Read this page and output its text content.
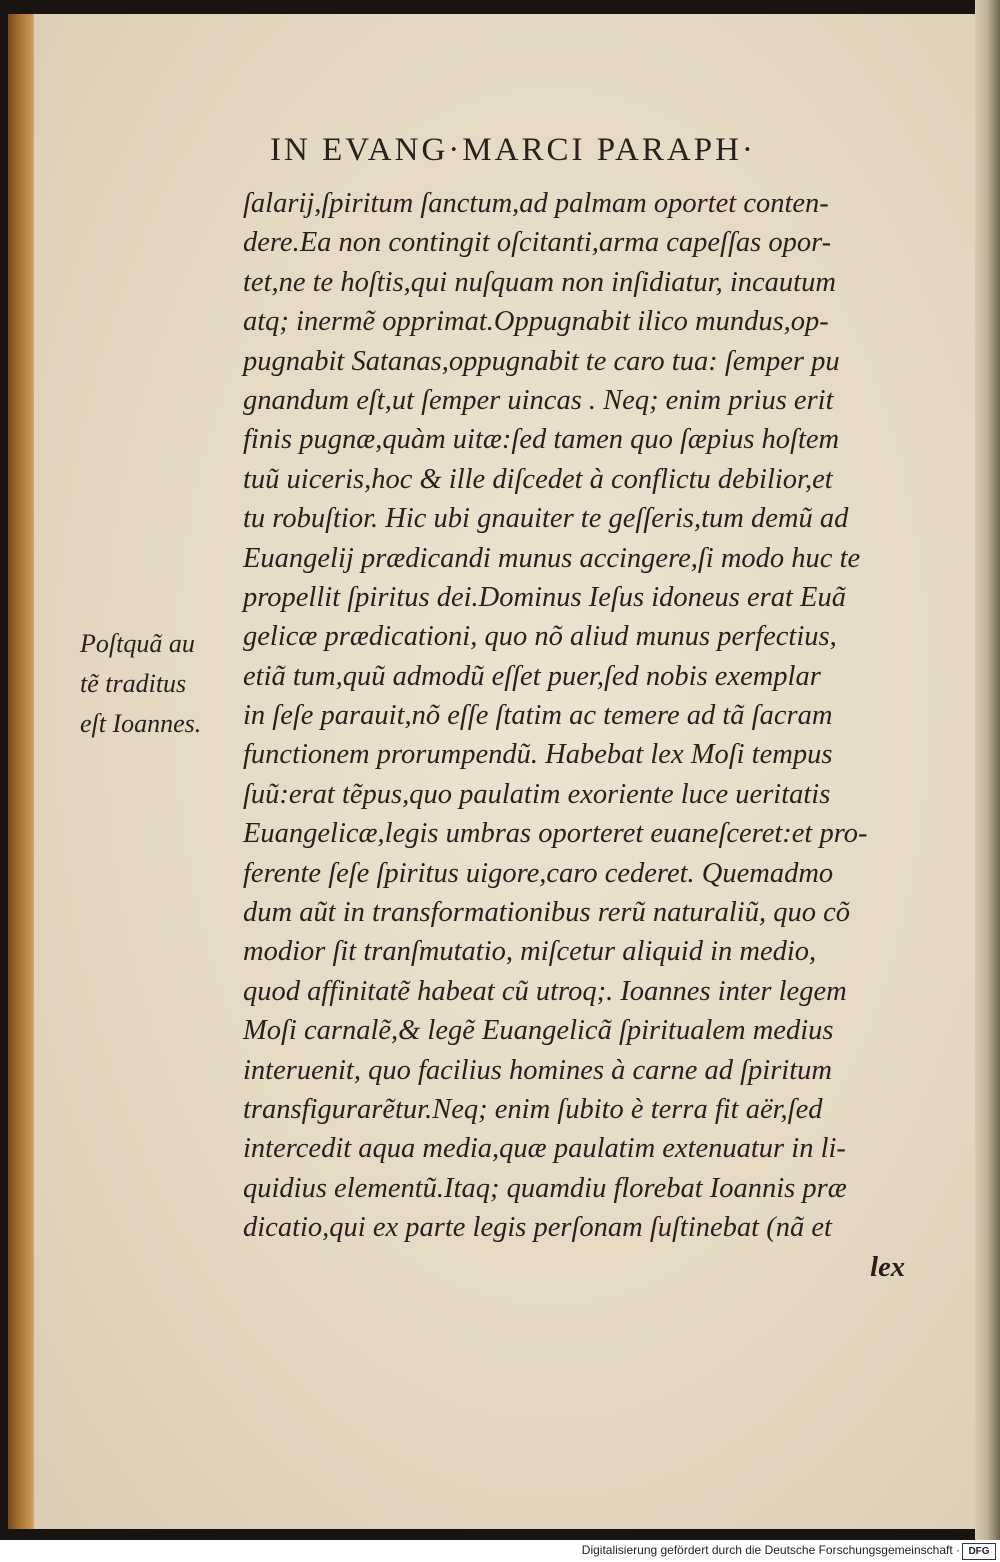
IN EVANG·MARCI PARAPH·
ſalarij,ſpiritum ſanctum,ad palmam oportet conten-
dere.Ea non contingit oſcitanti,arma capeſſas opor-
tet,ne te hoſtis,qui nuſquam non inſidiatur, incautum
atq; inermẽ opprimat.Oppugnabit ilico mundus,op-
pugnabit Satanas,oppugnabit te caro tua: ſemper pu
gnandum eſt,ut ſemper uincas . Neq; enim prius erit
finis pugnæ,quàm uitæ:ſed tamen quo ſæpius hoſtem
tuũ uiceris,hoc & ille diſcedet à conflictu debilior,et
tu robuſtior. Hic ubi gnauiter te geſſeris,tum demũ ad
Euangelij prædicandi munus accingere,ſi modo huc te
propellit ſpiritus dei.Dominus Ieſus idoneus erat Euã
gelicæ prædicationi, quo nõ aliud munus perfectius,
etiã tum,quũ admodũ eſſet puer,ſed nobis exemplar
in ſeſe parauit,nõ eſſe ſtatim ac temere ad tã ſacram
functionem prorumpendũ. Habebat lex Moſi tempus
ſuũ:erat tẽpus,quo paulatim exoriente luce ueritatis
Euangelicæ,legis umbras oporteret euaneſceret:et pro-
ferente ſeſe ſpiritus uigore,caro cederet. Quemadmo
dum aũt in transformationibus rerũ naturaliũ, quo cõ
modior ſit tranſmutatio, miſcetur aliquid in medio,
quod affinitatẽ habeat cũ utroq;. Ioannes inter legem
Moſi carnalẽ,& legẽ Euangelicã ſpiritualem medius
interuenit, quo facilius homines à carne ad ſpiritum
transfigurarẽtur.Neq; enim ſubito è terra fit aër,ſed
intercedit aqua media,quæ paulatim extenuatur in li-
quidius elementũ.Itaq; quamdiu florebat Ioannis præ
dicatio,qui ex parte legis perſonam ſuſtinebat (nã et
lex
Poſtquã au
tẽ traditus
eſt Ioannes.
Digitalisierung gefördert durch die Deutsche Forschungsgemeinschaft · DFG
